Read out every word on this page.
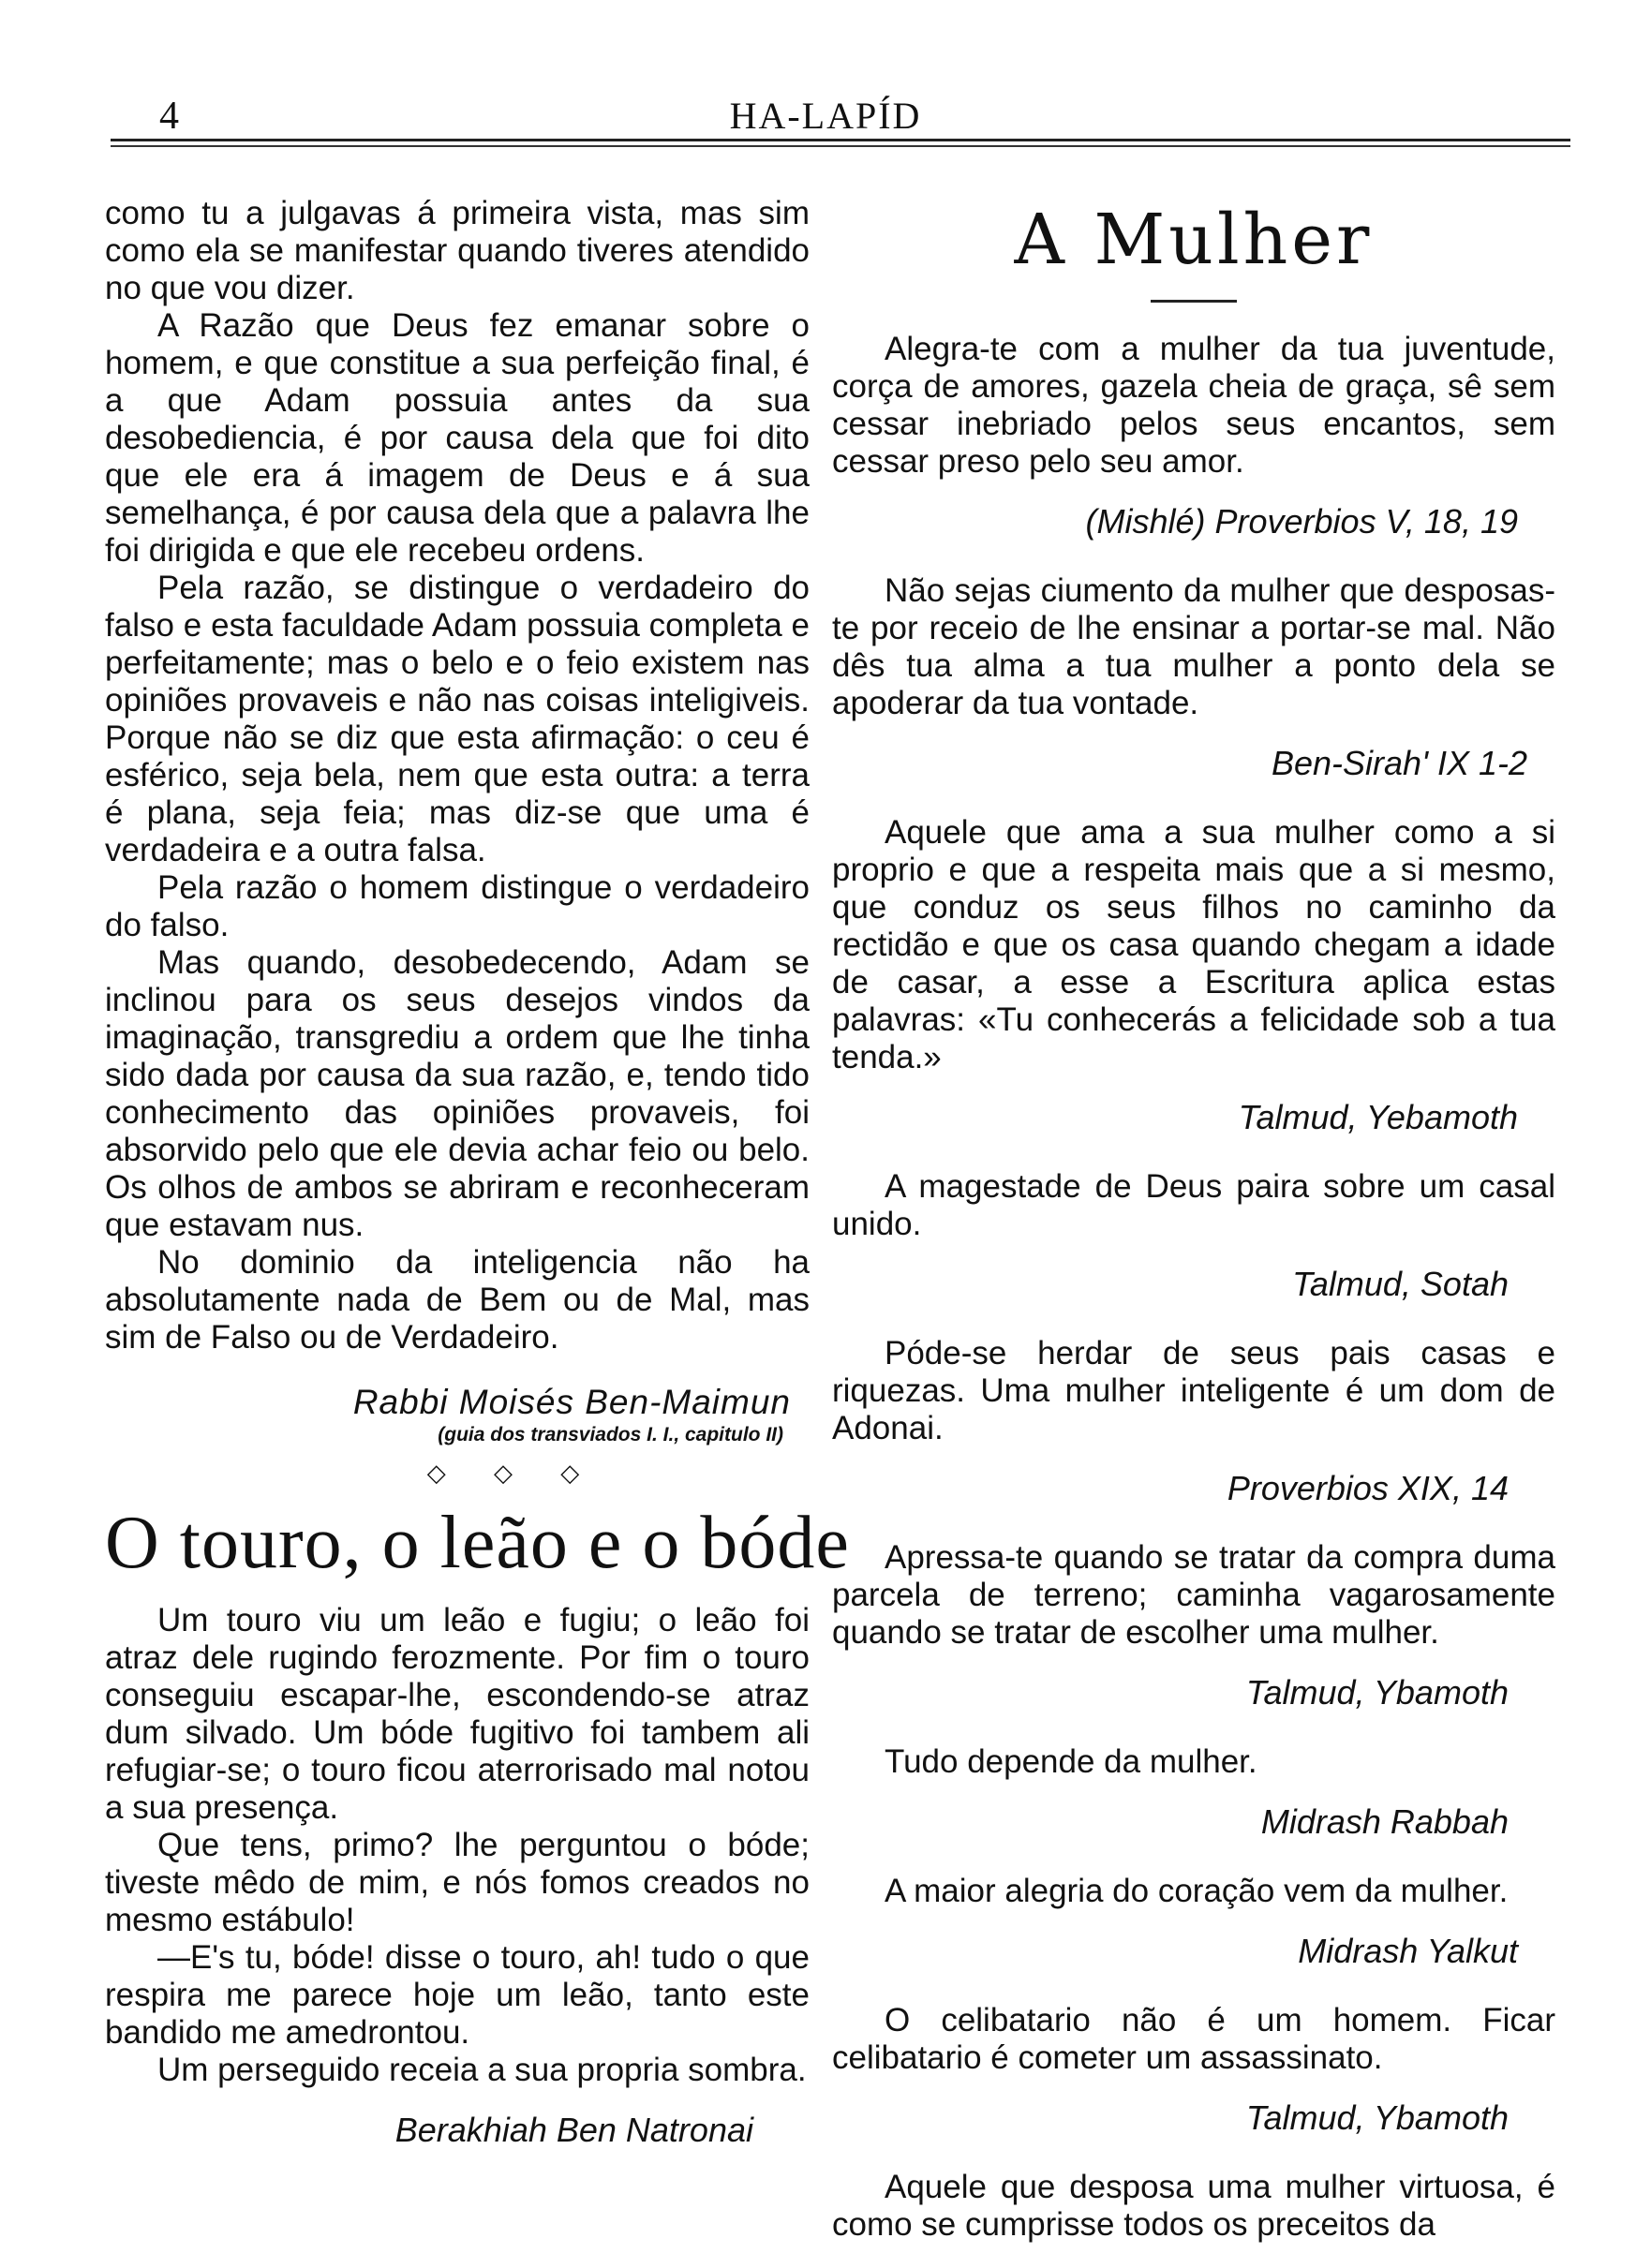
4	HA-LAPÍD

como tu a julgavas á primeira vista, mas sim como ela se manifestar quando tiveres atendido no que vou dizer.

A Razão que Deus fez emanar sobre o homem, e que constitue a sua perfeição final, é a que Adam possuia antes da sua desobediencia, é por causa dela que foi dito que ele era á imagem de Deus e á sua semelhança, é por causa dela que a palavra lhe foi dirigida e que ele recebeu ordens.

Pela razão, se distingue o verdadeiro do falso e esta faculdade Adam possuia completa e perfeitamente; mas o belo e o feio existem nas opiniões provaveis e não nas coisas inteligiveis. Porque não se diz que esta afirmação: o ceu é esférico, seja bela, nem que esta outra: a terra é plana, seja feia; mas diz-se que uma é verdadeira e a outra falsa.

Pela razão o homem distingue o verdadeiro do falso.

Mas quando, desobedecendo, Adam se inclinou para os seus desejos vindos da imaginação, transgrediu a ordem que lhe tinha sido dada por causa da sua razão, e, tendo tido conhecimento das opiniões provaveis, foi absorvido pelo que ele devia achar feio ou belo. Os olhos de ambos se abriram e reconheceram que estavam nus.

No dominio da inteligencia não ha absolutamente nada de Bem ou de Mal, mas sim de Falso ou de Verdadeiro.

Rabbi Moisés Ben-Maimun
(guia dos transviados I. I., capitulo II)
◇ ◇ ◇
O touro, o leão e o bóde

Um touro viu um leão e fugiu; o leão foi atraz dele rugindo ferozmente. Por fim o touro conseguiu escapar-lhe, escondendo-se atraz dum silvado. Um bóde fugitivo foi tambem ali refugiar-se; o touro ficou aterrorisado mal notou a sua presença.

Que tens, primo? lhe perguntou o bóde; tiveste mêdo de mim, e nós fomos creados no mesmo estábulo!

—E's tu, bóde! disse o touro, ah! tudo o que respira me parece hoje um leão, tanto este bandido me amedrontou.

Um perseguido receia a sua propria sombra.

Berakhiah Ben Natronai
A Mulher

Alegra-te com a mulher da tua juventude, corça de amores, gazela cheia de graça, sê sem cessar inebriado pelos seus encantos, sem cessar preso pelo seu amor.

(Mishlé) Proverbios V, 18, 19

Não sejas ciumento da mulher que desposas-te por receio de lhe ensinar a portar-se mal. Não dês tua alma a tua mulher a ponto dela se apoderar da tua vontade.

Ben-Sirah' IX 1-2

Aquele que ama a sua mulher como a si proprio e que a respeita mais que a si mesmo, que conduz os seus filhos no caminho da rectidão e que os casa quando chegam a idade de casar, a esse a Escritura aplica estas palavras: «Tu conhecerás a felicidade sob a tua tenda.»

Talmud, Yebamoth

A magestade de Deus paira sobre um casal unido.

Talmud, Sotah

Póde-se herdar de seus pais casas e riquezas. Uma mulher inteligente é um dom de Adonai.

Proverbios XIX, 14

Apressa-te quando se tratar da compra duma parcela de terreno; caminha vagarosamente quando se tratar de escolher uma mulher.

Talmud, Ybamoth

Tudo depende da mulher.

Midrash Rabbah

A maior alegria do coração vem da mulher.

Midrash Yalkut

O celibatario não é um homem. Ficar celibatario é cometer um assassinato.

Talmud, Ybamoth

Aquele que desposa uma mulher virtuosa, é como se cumprisse todos os preceitos da
